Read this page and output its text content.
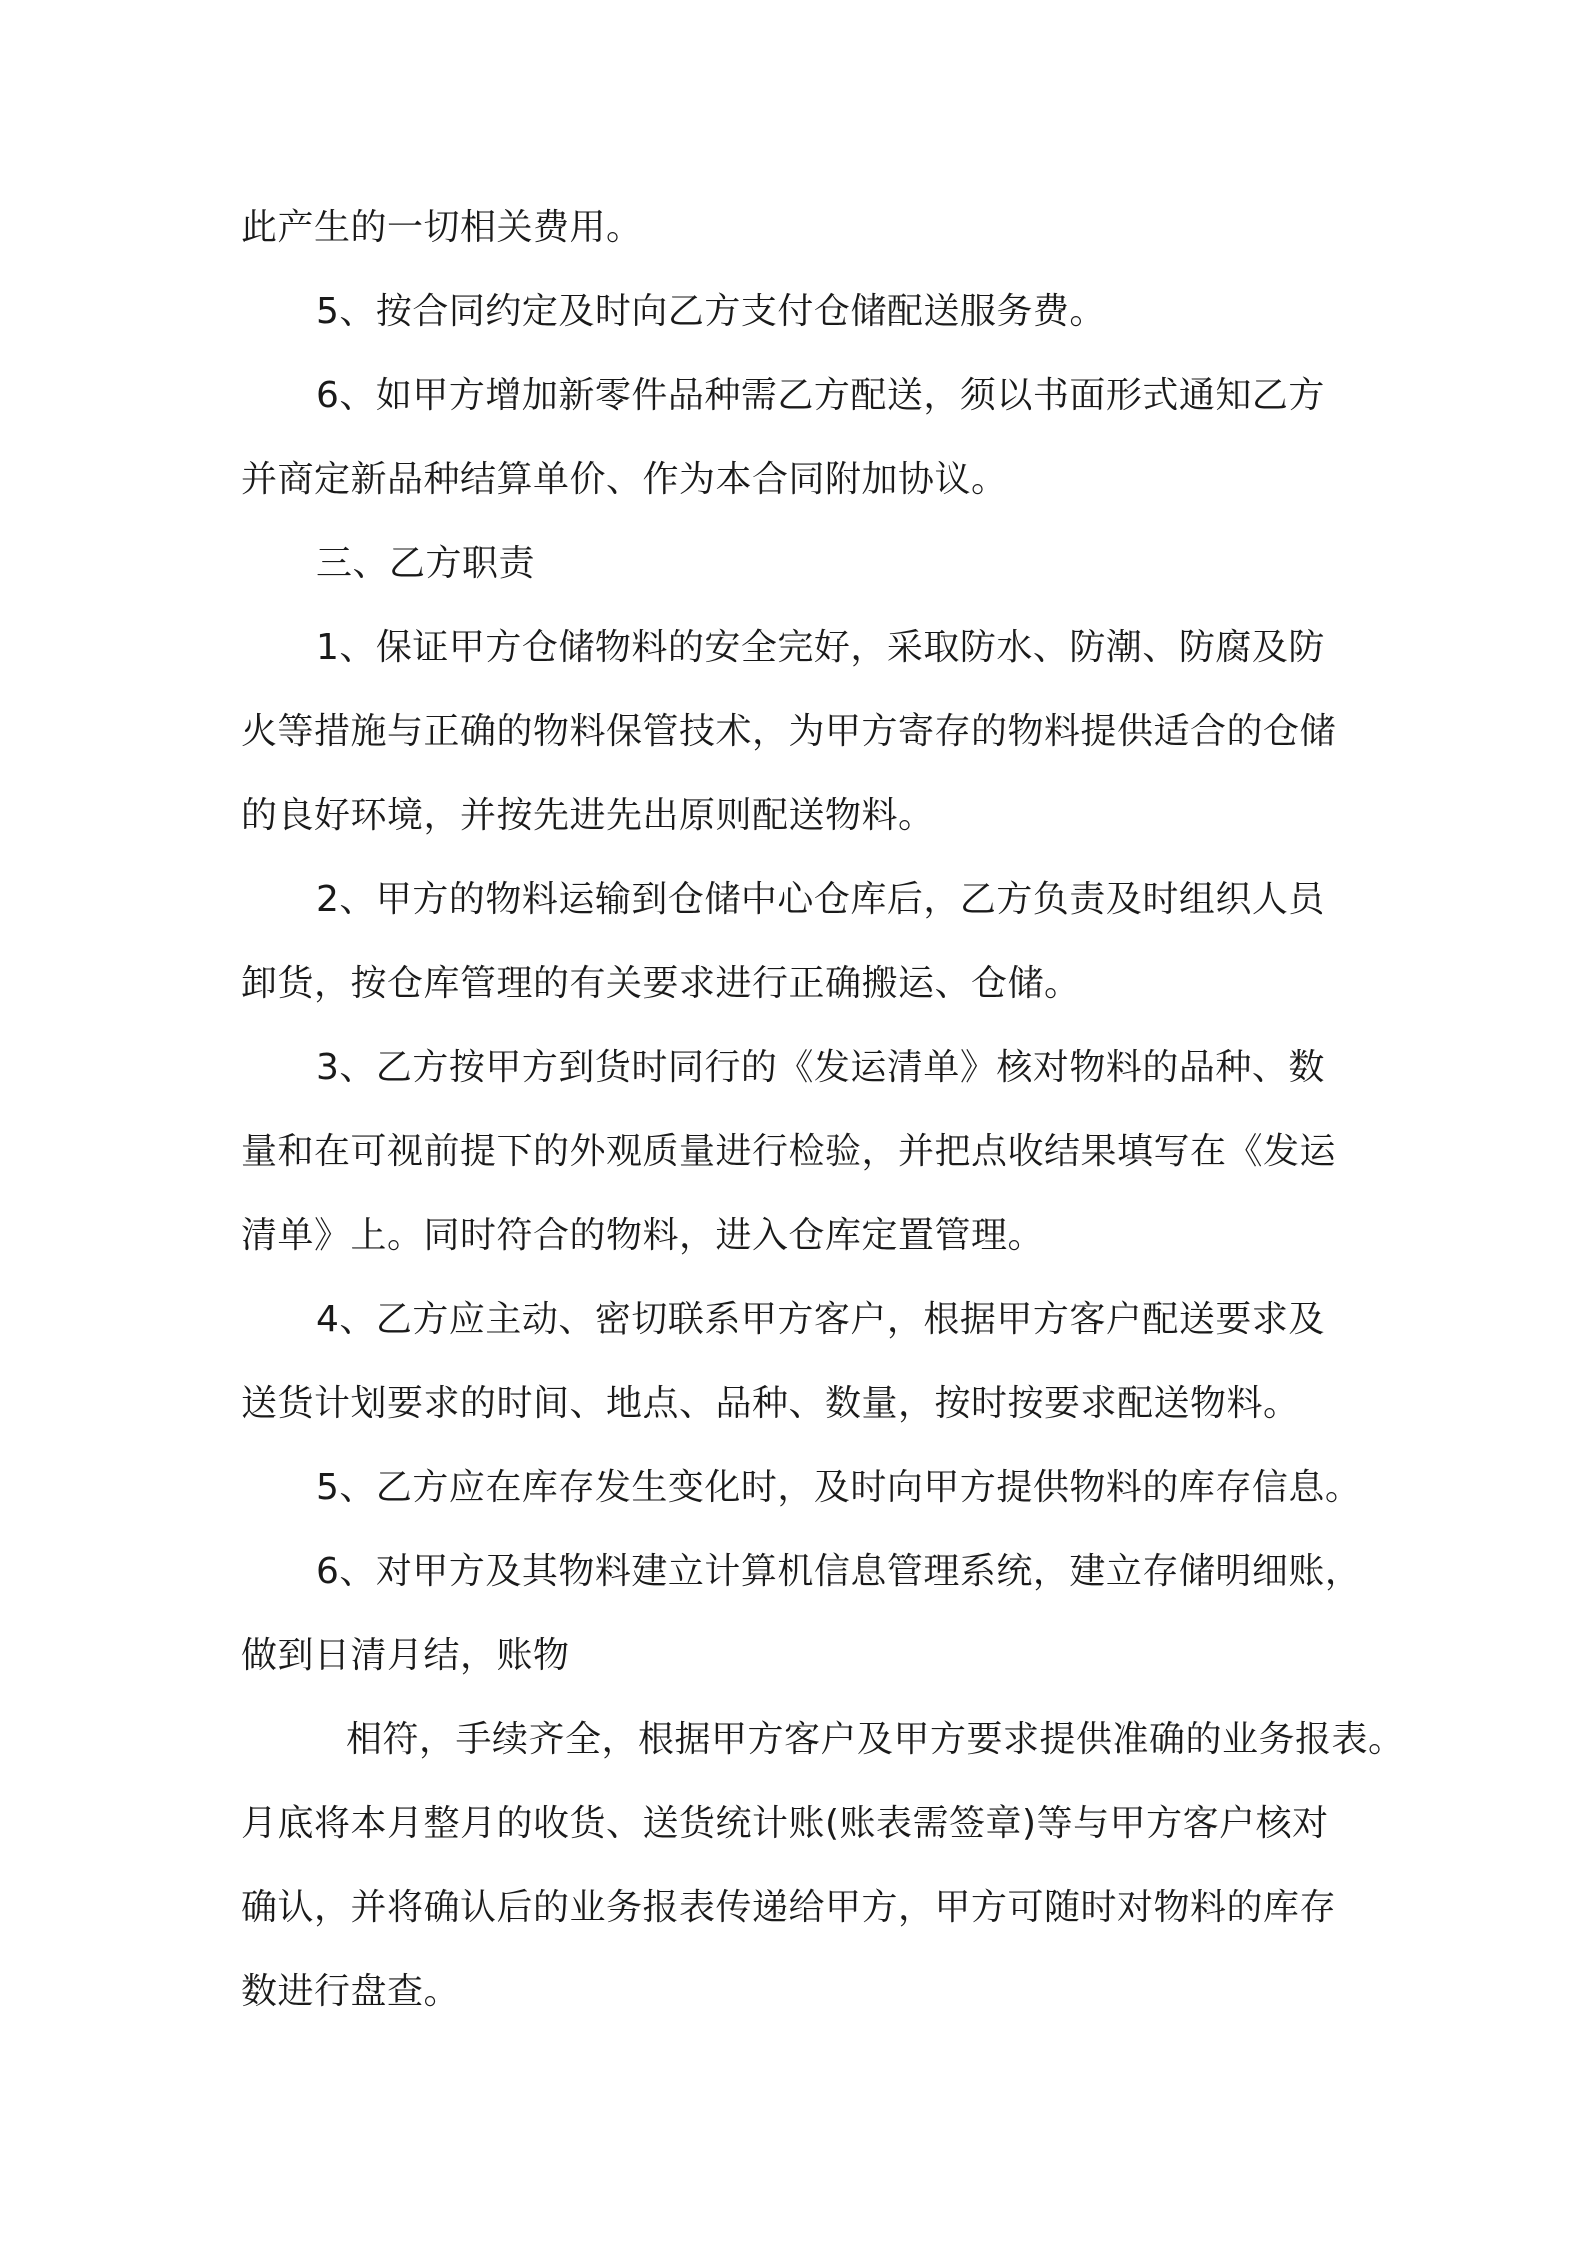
此产生的一切相关费用。

5、按合同约定及时向乙方支付仓储配送服务费。

6、如甲方增加新零件品种需乙方配送，须以书面形式通知乙方

并商定新品种结算单价、作为本合同附加协议。

三、乙方职责

1、保证甲方仓储物料的安全完好，采取防水、防潮、防腐及防

火等措施与正确的物料保管技术，为甲方寄存的物料提供适合的仓储

的良好环境，并按先进先出原则配送物料。

2、甲方的物料运输到仓储中心仓库后，乙方负责及时组织人员

卸货，按仓库管理的有关要求进行正确搬运、仓储。

3、乙方按甲方到货时同行的《发运清单》核对物料的品种、数

量和在可视前提下的外观质量进行检验，并把点收结果填写在《发运

清单》上。同时符合的物料，进入仓库定置管理。

4、乙方应主动、密切联系甲方客户，根据甲方客户配送要求及

送货计划要求的时间、地点、品种、数量，按时按要求配送物料。

5、乙方应在库存发生变化时，及时向甲方提供物料的库存信息。

6、对甲方及其物料建立计算机信息管理系统，建立存储明细账，

做到日清月结，账物

相符，手续齐全，根据甲方客户及甲方要求提供准确的业务报表。

月底将本月整月的收货、送货统计账(账表需签章)等与甲方客户核对

确认，并将确认后的业务报表传递给甲方，甲方可随时对物料的库存

数进行盘查。
